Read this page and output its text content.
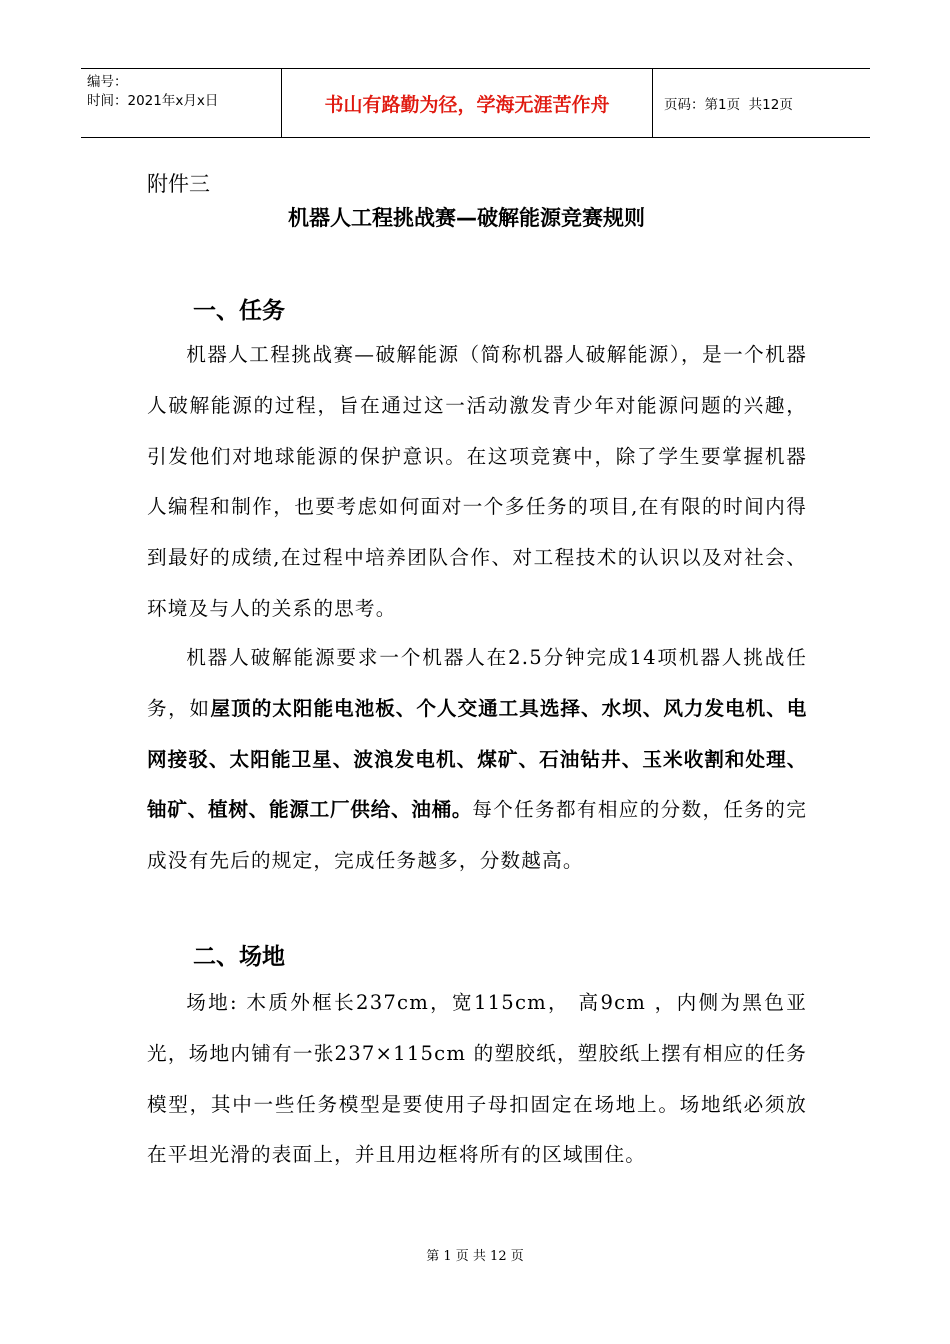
编号：
时间：2021年x月x日	书山有路勤为径，学海无涯苦作舟	页码：第1页  共12页
附件三
机器人工程挑战赛—破解能源竞赛规则
一、任务
机器人工程挑战赛—破解能源（简称机器人破解能源），是一个机器人破解能源的过程，旨在通过这一活动激发青少年对能源问题的兴趣，引发他们对地球能源的保护意识。在这项竞赛中，除了学生要掌握机器人编程和制作，也要考虑如何面对一个多任务的项目,在有限的时间内得到最好的成绩,在过程中培养团队合作、对工程技术的认识以及对社会、环境及与人的关系的思考。
机器人破解能源要求一个机器人在2.5分钟完成14项机器人挑战任务，如屋顶的太阳能电池板、个人交通工具选择、水坝、风力发电机、电网接驳、太阳能卫星、波浪发电机、煤矿、石油钻井、玉米收割和处理、铀矿、植树、能源工厂供给、油桶。每个任务都有相应的分数，任务的完成没有先后的规定，完成任务越多，分数越高。
二、场地
场地: 木质外框长237cm，宽115cm， 高9cm ，内侧为黑色亚光，场地内铺有一张237×115cm 的塑胶纸，塑胶纸上摆有相应的任务模型，其中一些任务模型是要使用子母扣固定在场地上。场地纸必须放在平坦光滑的表面上，并且用边框将所有的区域围住。
第 1 页 共 12 页
